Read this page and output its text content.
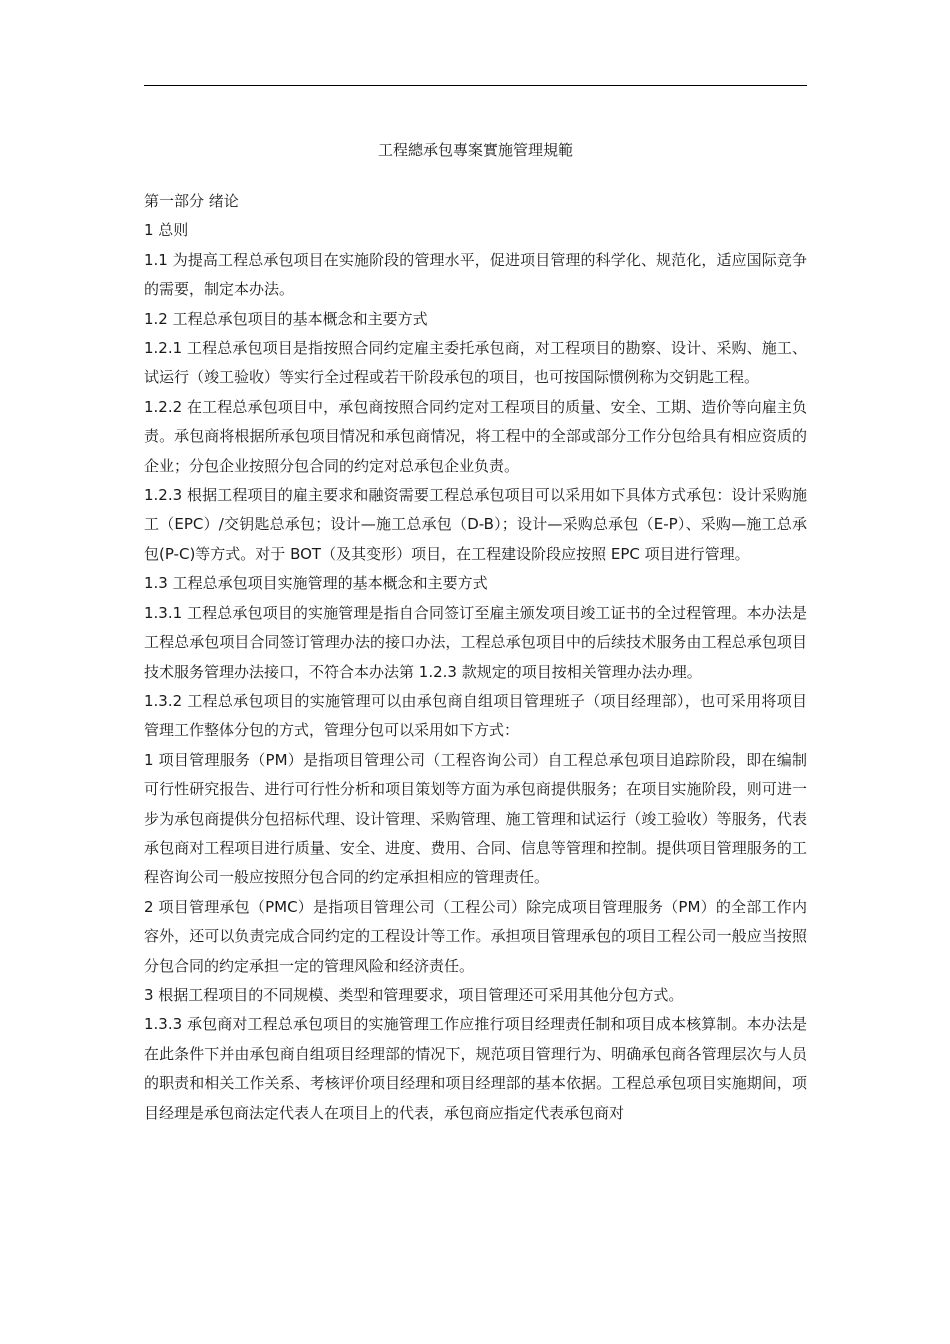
工程總承包專案實施管理規範

第一部分 绪论

1 总则

1.1 为提高工程总承包项目在实施阶段的管理水平，促进项目管理的科学化、规范化，适应国际竞争的需要，制定本办法。

1.2 工程总承包项目的基本概念和主要方式

1.2.1 工程总承包项目是指按照合同约定雇主委托承包商，对工程项目的勘察、设计、采购、施工、试运行（竣工验收）等实行全过程或若干阶段承包的项目，也可按国际惯例称为交钥匙工程。

1.2.2 在工程总承包项目中，承包商按照合同约定对工程项目的质量、安全、工期、造价等向雇主负责。承包商将根据所承包项目情况和承包商情况，将工程中的全部或部分工作分包给具有相应资质的企业；分包企业按照分包合同的约定对总承包企业负责。

1.2.3 根据工程项目的雇主要求和融资需要工程总承包项目可以采用如下具体方式承包：设计采购施工（EPC）/交钥匙总承包；设计—施工总承包（D-B）；设计—采购总承包（E-P）、采购—施工总承包(P-C)等方式。对于 BOT（及其变形）项目，在工程建设阶段应按照 EPC 项目进行管理。

1.3 工程总承包项目实施管理的基本概念和主要方式

1.3.1 工程总承包项目的实施管理是指自合同签订至雇主颁发项目竣工证书的全过程管理。本办法是工程总承包项目合同签订管理办法的接口办法，工程总承包项目中的后续技术服务由工程总承包项目技术服务管理办法接口，不符合本办法第 1.2.3 款规定的项目按相关管理办法办理。

1.3.2 工程总承包项目的实施管理可以由承包商自组项目管理班子（项目经理部），也可采用将项目管理工作整体分包的方式，管理分包可以采用如下方式：

1 项目管理服务（PM）是指项目管理公司（工程咨询公司）自工程总承包项目追踪阶段，即在编制可行性研究报告、进行可行性分析和项目策划等方面为承包商提供服务；在项目实施阶段，则可进一步为承包商提供分包招标代理、设计管理、采购管理、施工管理和试运行（竣工验收）等服务，代表承包商对工程项目进行质量、安全、进度、费用、合同、信息等管理和控制。提供项目管理服务的工程咨询公司一般应按照分包合同的约定承担相应的管理责任。

2 项目管理承包（PMC）是指项目管理公司（工程公司）除完成项目管理服务（PM）的全部工作内容外，还可以负责完成合同约定的工程设计等工作。承担项目管理承包的项目工程公司一般应当按照分包合同的约定承担一定的管理风险和经济责任。

3 根据工程项目的不同规模、类型和管理要求，项目管理还可采用其他分包方式。

1.3.3 承包商对工程总承包项目的实施管理工作应推行项目经理责任制和项目成本核算制。本办法是在此条件下并由承包商自组项目经理部的情况下，规范项目管理行为、明确承包商各管理层次与人员的职责和相关工作关系、考核评价项目经理和项目经理部的基本依据。工程总承包项目实施期间，项目经理是承包商法定代表人在项目上的代表，承包商应指定代表承包商对
